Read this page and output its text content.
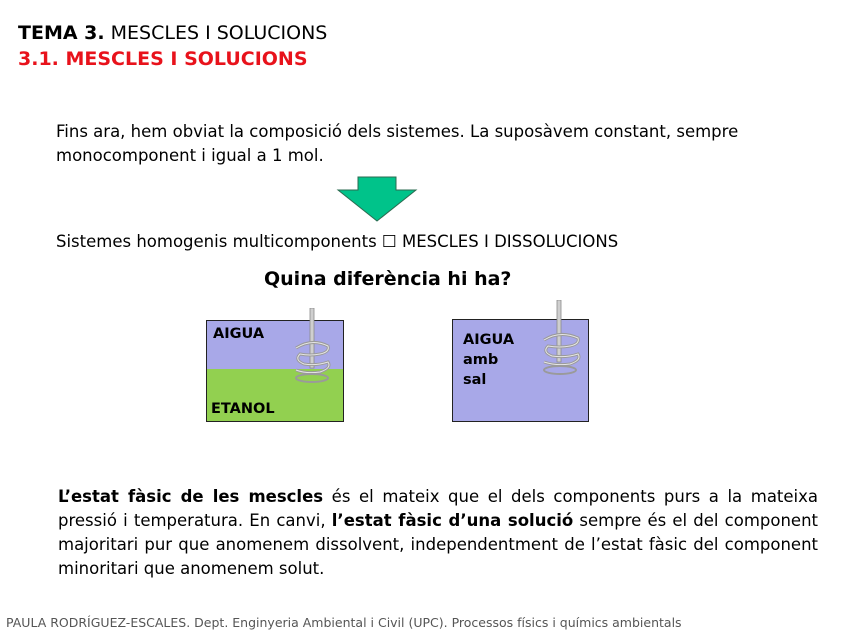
TEMA 3. MESCLES I SOLUCIONS
3.1. MESCLES I SOLUCIONS
Fins ara, hem obviat la composició dels sistemes. La suposàvem constant, sempre monocomponent i igual a 1 mol.
Sistemes homogenis multicomponents ☐ MESCLES I DISSOLUCIONS
Quina diferència hi ha?
AIGUA
ETANOL
AIGUA
amb
sal
L’estat fàsic de les mescles és el mateix que el dels components purs a la mateixa pressió i temperatura. En canvi, l’estat fàsic d’una solució sempre és el del component majoritari pur que anomenem dissolvent, independentment de l’estat fàsic del component minoritari que anomenem solut.
PAULA RODRÍGUEZ-ESCALES. Dept. Enginyeria Ambiental i Civil (UPC). Processos físics i químics ambientals
